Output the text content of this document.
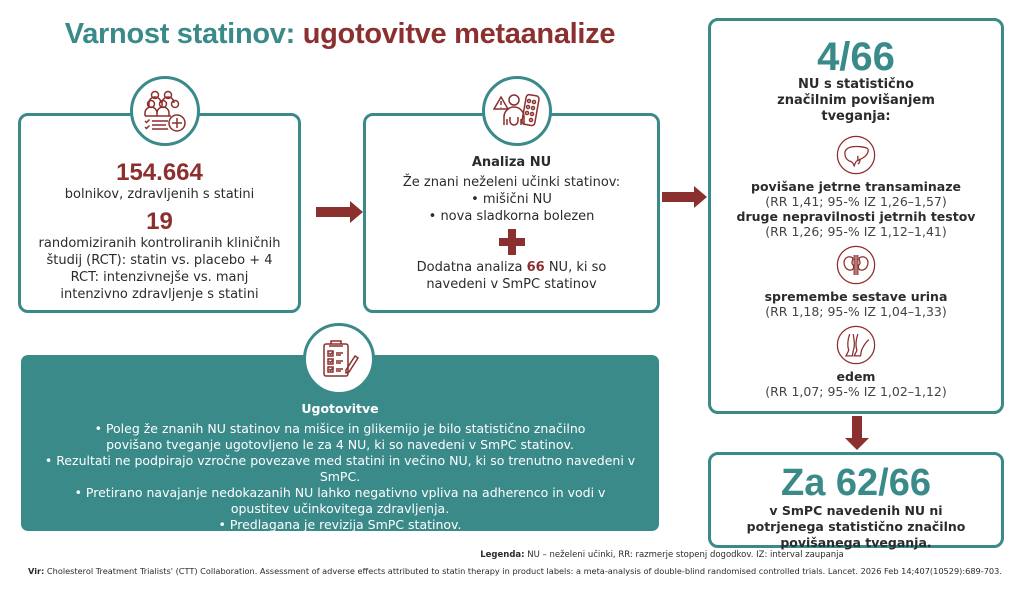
Varnost statinov: ugotovitve metaanalize
154.664
bolnikov, zdravljenih s statini
19
randomiziranih kontroliranih kliničnih študij (RCT): statin vs. placebo + 4 RCT: intenzivnejše vs. manj intenzivno zdravljenje s statini
Analiza NU
Že znani neželeni učinki statinov:
• mišični NU
• nova sladkorna bolezen
Dodatna analiza 66 NU, ki so navedeni v SmPC statinov
4/66
NU s statistično značilnim povišanjem tveganja:
povišane jetrne transaminaze
(RR 1,41; 95-% IZ 1,26–1,57)
druge nepravilnosti jetrnih testov
(RR 1,26; 95-% IZ 1,12–1,41)
spremembe sestave urina
(RR 1,18; 95-% IZ 1,04–1,33)
edem
(RR 1,07; 95-% IZ 1,02–1,12)
Za 62/66
v SmPC navedenih NU ni potrjenega statistično značilno povišanega tveganja.
Ugotovitve
• Poleg že znanih NU statinov na mišice in glikemijo je bilo statistično značilno povišano tveganje ugotovljeno le za 4 NU, ki so navedeni v SmPC statinov.
• Rezultati ne podpirajo vzročne povezave med statini in večino NU, ki so trenutno navedeni v SmPC.
• Pretirano navajanje nedokazanih NU lahko negativno vpliva na adherenco in vodi v opustitev učinkovitega zdravljenja.
• Predlagana je revizija SmPC statinov.
Legenda: NU – neželeni učinki, RR: razmerje stopenj dogodkov. IZ: interval zaupanja
Vir: Cholesterol Treatment Trialists' (CTT) Collaboration. Assessment of adverse effects attributed to statin therapy in product labels: a meta-analysis of double-blind randomised controlled trials. Lancet. 2026 Feb 14;407(10529):689-703.
